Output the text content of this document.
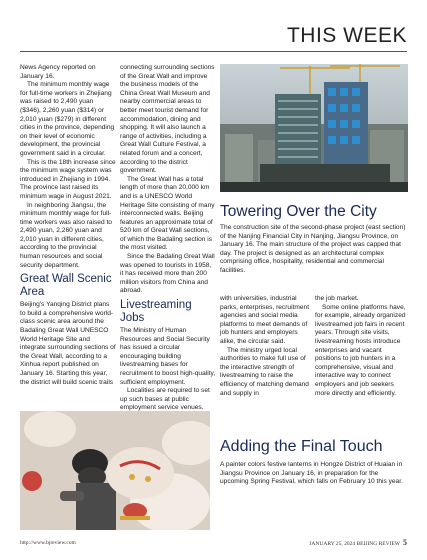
THIS WEEK

News Agency reported on January 16.

The minimum monthly wage for full-time workers in Zhejiang was raised to 2,490 yuan ($346), 2,260 yuan ($314) or 2,010 yuan ($279) in different cities in the province, depending on their level of economic development, the provincial government said in a circular.

This is the 18th increase since the minimum wage system was introduced in Zhejiang in 1994. The province last raised its minimum wage in August 2021.

In neighboring Jiangsu, the minimum monthly wage for full-time workers was also raised to 2,490 yuan, 2,260 yuan and 2,010 yuan in different cities, according to the provincial human resources and social security department.

Great Wall Scenic Area

Beijing's Yanqing District plans to build a comprehensive world-class scenic area around the Badaling Great Wall UNESCO World Heritage Site and integrate surrounding sections of the Great Wall, according to a Xinhua report published on January 16. Starting this year, the district will build scenic trails

connecting surrounding sections of the Great Wall and improve the business models of the China Great Wall Museum and nearby commercial areas to better meet tourist demand for accommodation, dining and shopping. It will also launch a range of activities, including a Great Wall Culture Festival, a related forum and a concert, according to the district government.

The Great Wall has a total length of more than 20,000 km and is a UNESCO World Heritage Site consisting of many interconnected walls. Beijing features an approximate total of 520 km of Great Wall sections, of which the Badaling section is the most visited.

Since the Badaling Great Wall was opened to tourists in 1958, it has received more than 200 million visitors from China and abroad.

Livestreaming Jobs

The Ministry of Human Resources and Social Security has issued a circular encouraging building livestreaming bases for recruitment to boost high-quality, sufficient employment.

Localities are required to set up such bases at public employment service venues.

Towering Over the City
The construction site of the second-phase project (east section) of the Nanjing Financial City in Nanjing, Jiangsu Province, on January 16. The main structure of the project was capped that day. The project is designed as an architectural complex comprising office, hospitality, residential and commercial facilities.

with universities, industrial parks, enterprises, recruitment agencies and social media platforms to meet demands of job hunters and employers alike, the circular said.

The ministry urged local authorities to make full use of the interactive strength of livestreaming to raise the efficiency of matching demand and supply in

the job market.

Some online platforms have, for example, already organized livestreamed job fairs in recent years. Through site visits, livestreaming hosts introduce enterprises and vacant positions to job hunters in a comprehensive, visual and interactive way to connect employers and job seekers more directly and efficiently.

Adding the Final Touch
A painter colors festive lanterns in Hongze District of Huaian in Jiangsu Province on January 16, in preparation for the upcoming Spring Festival, which falls on February 10 this year.
http://www.bjreview.com	JANUARY 25, 2024 BEIJING REVIEW 5
